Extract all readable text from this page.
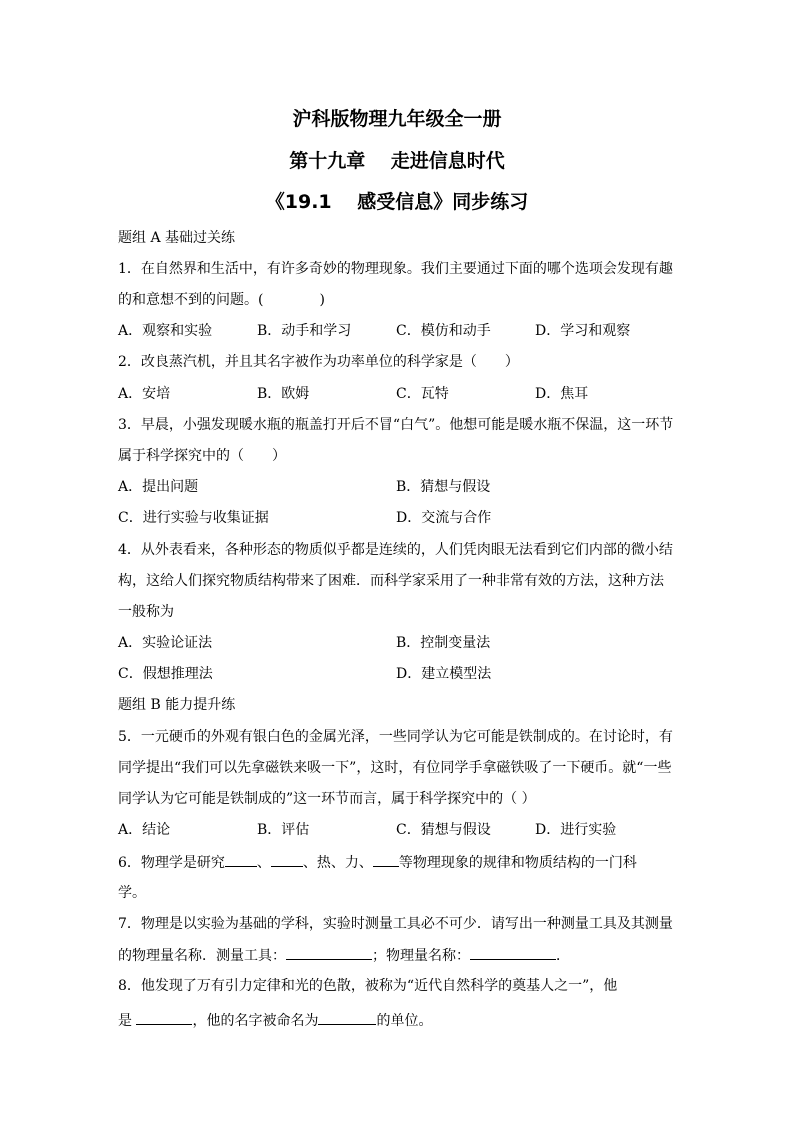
沪科版物理九年级全一册
第十九章　 走进信息时代
《19.1　 感受信息》同步练习
题组 A 基础过关练
1．在自然界和生活中，有许多奇妙的物理现象。我们主要通过下面的哪个选项会发现有趣
的和意想不到的问题。(　　　　)
A．观察和实验	B．动手和学习	C．模仿和动手	D．学习和观察
2．改良蒸汽机，并且其名字被作为功率单位的科学家是（　　）
A．安培	B．欧姆	C．瓦特	D．焦耳
3．早晨，小强发现暖水瓶的瓶盖打开后不冒“白气”。他想可能是暖水瓶不保温，这一环节
属于科学探究中的（　　）
A．提出问题	B．猜想与假设
C．进行实验与收集证据	D．交流与合作
4．从外表看来，各种形态的物质似乎都是连续的，人们凭肉眼无法看到它们内部的微小结
构，这给人们探究物质结构带来了困难．而科学家采用了一种非常有效的方法，这种方法
一般称为
A．实验论证法	B．控制变量法
C．假想推理法	D．建立模型法
题组 B 能力提升练
5．一元硬币的外观有银白色的金属光泽，一些同学认为它可能是铁制成的。在讨论时，有
同学提出“我们可以先拿磁铁来吸一下”，这时，有位同学手拿磁铁吸了一下硬币。就“一些
同学认为它可能是铁制成的”这一环节而言，属于科学探究中的（ ）
A．结论	B．评估	C．猜想与假设	D．进行实验
6．物理学是研究 、 、热、力、 等物理现象的规律和物质结构的一门科
学。
7．物理是以实验为基础的学科，实验时测量工具必不可少．请写出一种测量工具及其测量
的物理量名称．测量工具：	；物理量名称：	．
8．他发现了万有引力定律和光的色散，被称为“近代自然科学的奠基人之一”，他
是	，他的名字被命名为	的单位。
